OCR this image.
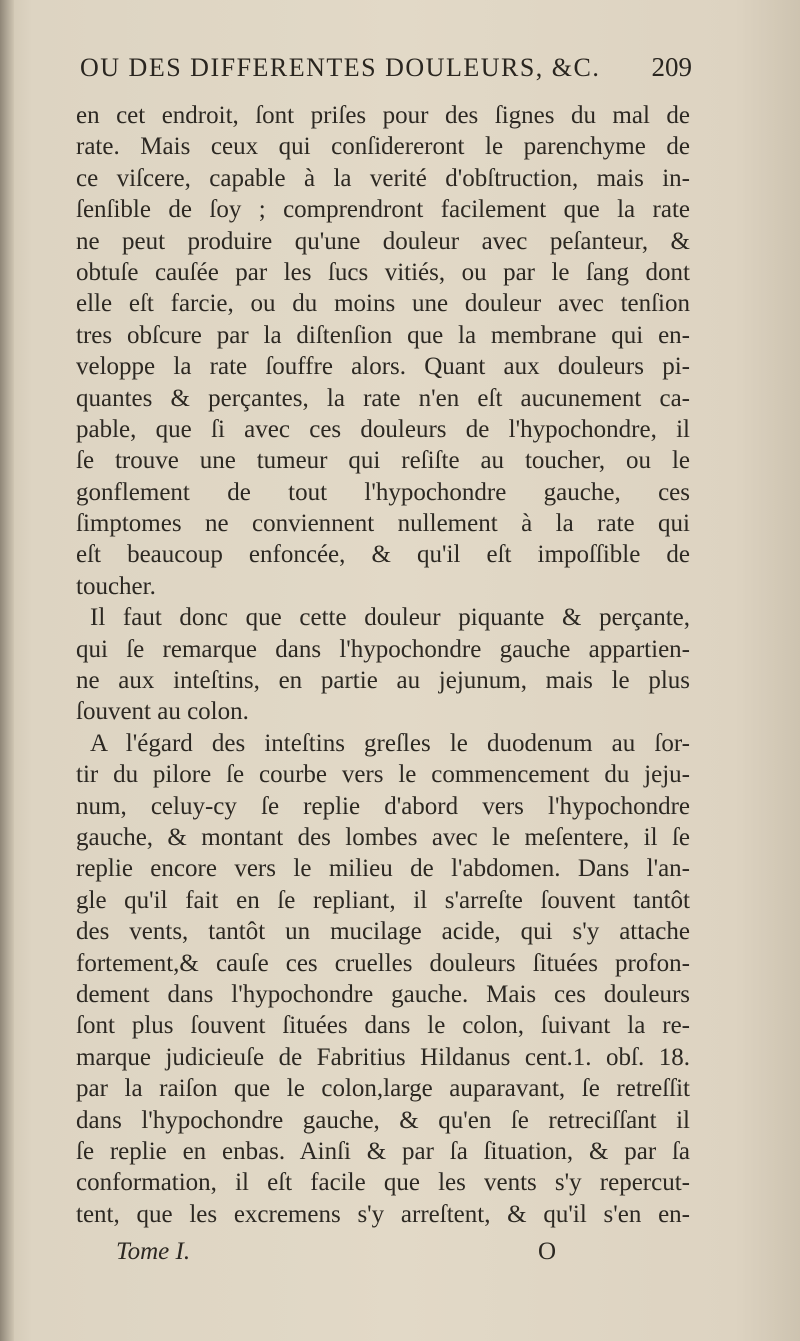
OU DES DIFFERENTES DOULEURS, &C. 209
en cet endroit, ſont priſes pour des ſignes du mal de
rate. Mais ceux qui conſidereront le parenchyme de
ce viſcere, capable à la verité d'obſtruction, mais in-
ſenſible de ſoy ; comprendront facilement que la rate
ne peut produire qu'une douleur avec peſanteur, &
obtuſe cauſée par les ſucs vitiés, ou par le ſang dont
elle eſt farcie, ou du moins une douleur avec tenſion
tres obſcure par la diſtenſion que la membrane qui en-
veloppe la rate ſouffre alors. Quant aux douleurs pi-
quantes & perçantes, la rate n'en eſt aucunement ca-
pable, que ſi avec ces douleurs de l'hypochondre, il
ſe trouve une tumeur qui reſiſte au toucher, ou le
gonflement de tout l'hypochondre gauche, ces
ſimptomes ne conviennent nullement à la rate qui
eſt beaucoup enfoncée, & qu'il eſt impoſſible de
toucher.
Il faut donc que cette douleur piquante & perçante,
qui ſe remarque dans l'hypochondre gauche appartien-
ne aux inteſtins, en partie au jejunum, mais le plus
ſouvent au colon.
A l'égard des inteſtins greſles le duodenum au ſor-
tir du pilore ſe courbe vers le commencement du jeju-
num, celuy-cy ſe replie d'abord vers l'hypochondre
gauche, & montant des lombes avec le meſentere, il ſe
replie encore vers le milieu de l'abdomen. Dans l'an-
gle qu'il fait en ſe repliant, il s'arreſte ſouvent tantôt
des vents, tantôt un mucilage acide, qui s'y attache
fortement,& cauſe ces cruelles douleurs ſituées profon-
dement dans l'hypochondre gauche. Mais ces douleurs
ſont plus ſouvent ſituées dans le colon, ſuivant la re-
marque judicieuſe de Fabritius Hildanus cent.1. obſ. 18.
par la raiſon que le colon,large auparavant, ſe retreſſit
dans l'hypochondre gauche, & qu'en ſe retreciſſant il
ſe replie en enbas. Ainſi & par ſa ſituation, & par ſa
conformation, il eſt facile que les vents s'y repercut-
tent, que les excremens s'y arreſtent, & qu'il s'en en-
Tome I.	O
